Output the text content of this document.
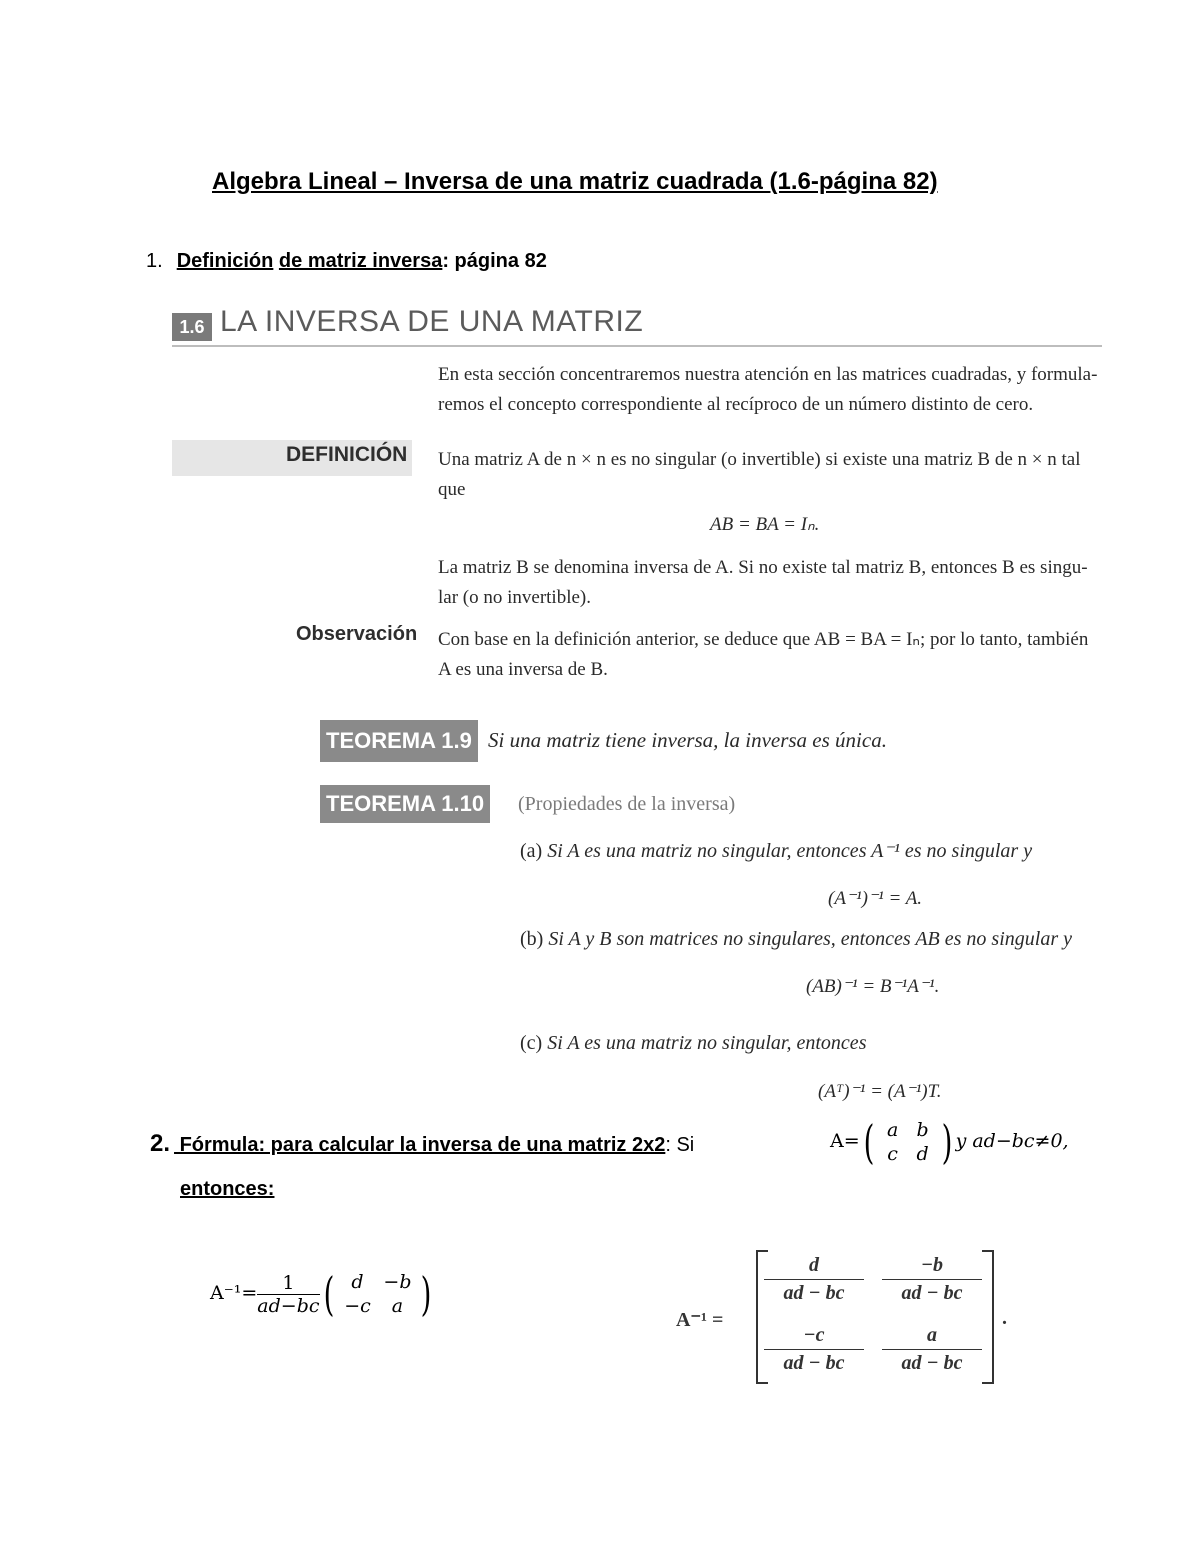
Algebra Lineal – Inversa de una matriz cuadrada (1.6-página 82)
1. Definición de matriz inversa: página 82
1.6 LA INVERSA DE UNA MATRIZ
En esta sección concentraremos nuestra atención en las matrices cuadradas, y formula-
remos el concepto correspondiente al recíproco de un número distinto de cero.
DEFINICIÓN Una matriz A de n × n es no singular (o invertible) si existe una matriz B de n × n tal
que
AB = BA = Iₙ.
La matriz B se denomina inversa de A. Si no existe tal matriz B, entonces B es singu-
lar (o no invertible).
Observación Con base en la definición anterior, se deduce que AB = BA = Iₙ; por lo tanto, también
A es una inversa de B.
TEOREMA 1.9 Si una matriz tiene inversa, la inversa es única.
TEOREMA 1.10	(Propiedades de la inversa)
(a) Si A es una matriz no singular, entonces A⁻¹ es no singular y
(A⁻¹)⁻¹ = A.
(b) Si A y B son matrices no singulares, entonces AB es no singular y
(AB)⁻¹ = B⁻¹A⁻¹.
(c) Si A es una matriz no singular, entonces
(Aᵀ)⁻¹ = (A⁻¹)T.
2. Fórmula: para calcular la inversa de una matriz 2x2: Si
entonces:
A=( a b
c d ) y ad−bc≠0,
$A^{-1}= \frac{1}{ad-bc}$ ( d	−b
−c	a )	A⁻¹ =
$\frac{d}{ad - bc} \frac{-b}{ad - bc}$
$\frac{-c}{ad - bc} \frac{a}{ad - bc}$
.
